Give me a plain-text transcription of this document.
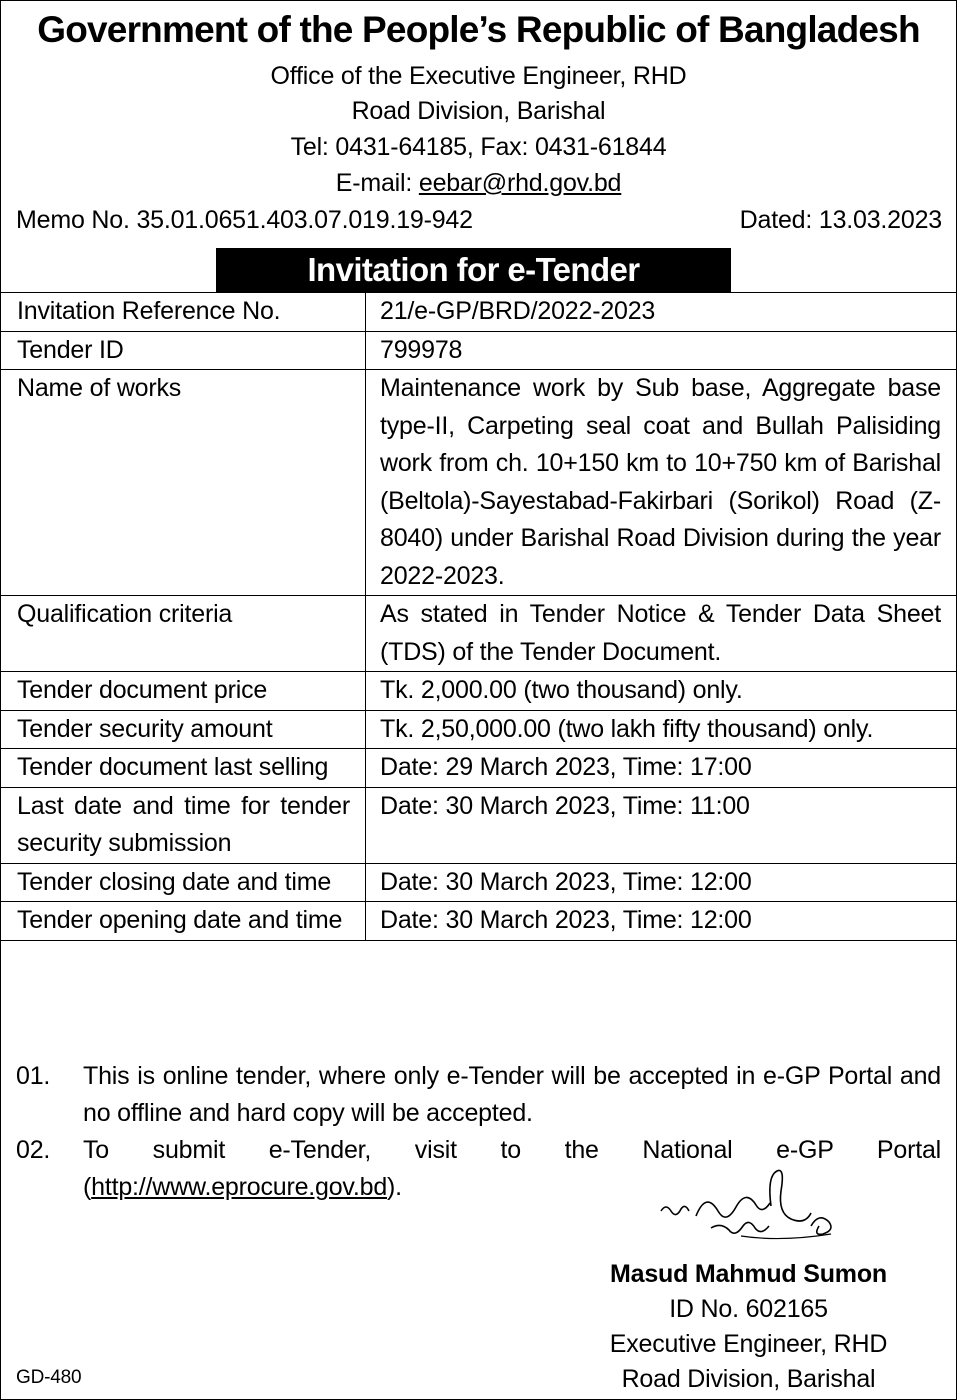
Government of the People’s Republic of Bangladesh
Office of the Executive Engineer, RHD
Road Division, Barishal
Tel: 0431-64185, Fax: 0431-61844
E-mail: eebar@rhd.gov.bd
Memo No. 35.01.0651.403.07.019.19-942	Dated: 13.03.2023
Invitation for e-Tender
Invitation Reference No.	21/e-GP/BRD/2022-2023
Tender ID	799978
Name of works	Maintenance work by Sub base, Aggregate base type-II, Carpeting seal coat and Bullah Palisiding work from ch. 10+150 km to 10+750 km of Barishal (Beltola)-Sayestabad-Fakirbari (Sorikol) Road (Z-8040) under Barishal Road Division during the year 2022-2023.
Qualification criteria	As stated in Tender Notice & Tender Data Sheet (TDS) of the Tender Document.
Tender document price	Tk. 2,000.00 (two thousand) only.
Tender security amount	Tk. 2,50,000.00 (two lakh fifty thousand) only.
Tender document last selling	Date: 29 March 2023, Time: 17:00
Last date and time for tender security submission	Date: 30 March 2023, Time: 11:00
Tender closing date and time	Date: 30 March 2023, Time: 12:00
Tender opening date and time	Date: 30 March 2023, Time: 12:00
01. This is online tender, where only e-Tender will be accepted in e-GP Portal and no offline and hard copy will be accepted.
02. To submit e-Tender, visit to the National e-GP Portal (http://www.eprocure.gov.bd).
Masud Mahmud Sumon
ID No. 602165
Executive Engineer, RHD
Road Division, Barishal
GD-480
